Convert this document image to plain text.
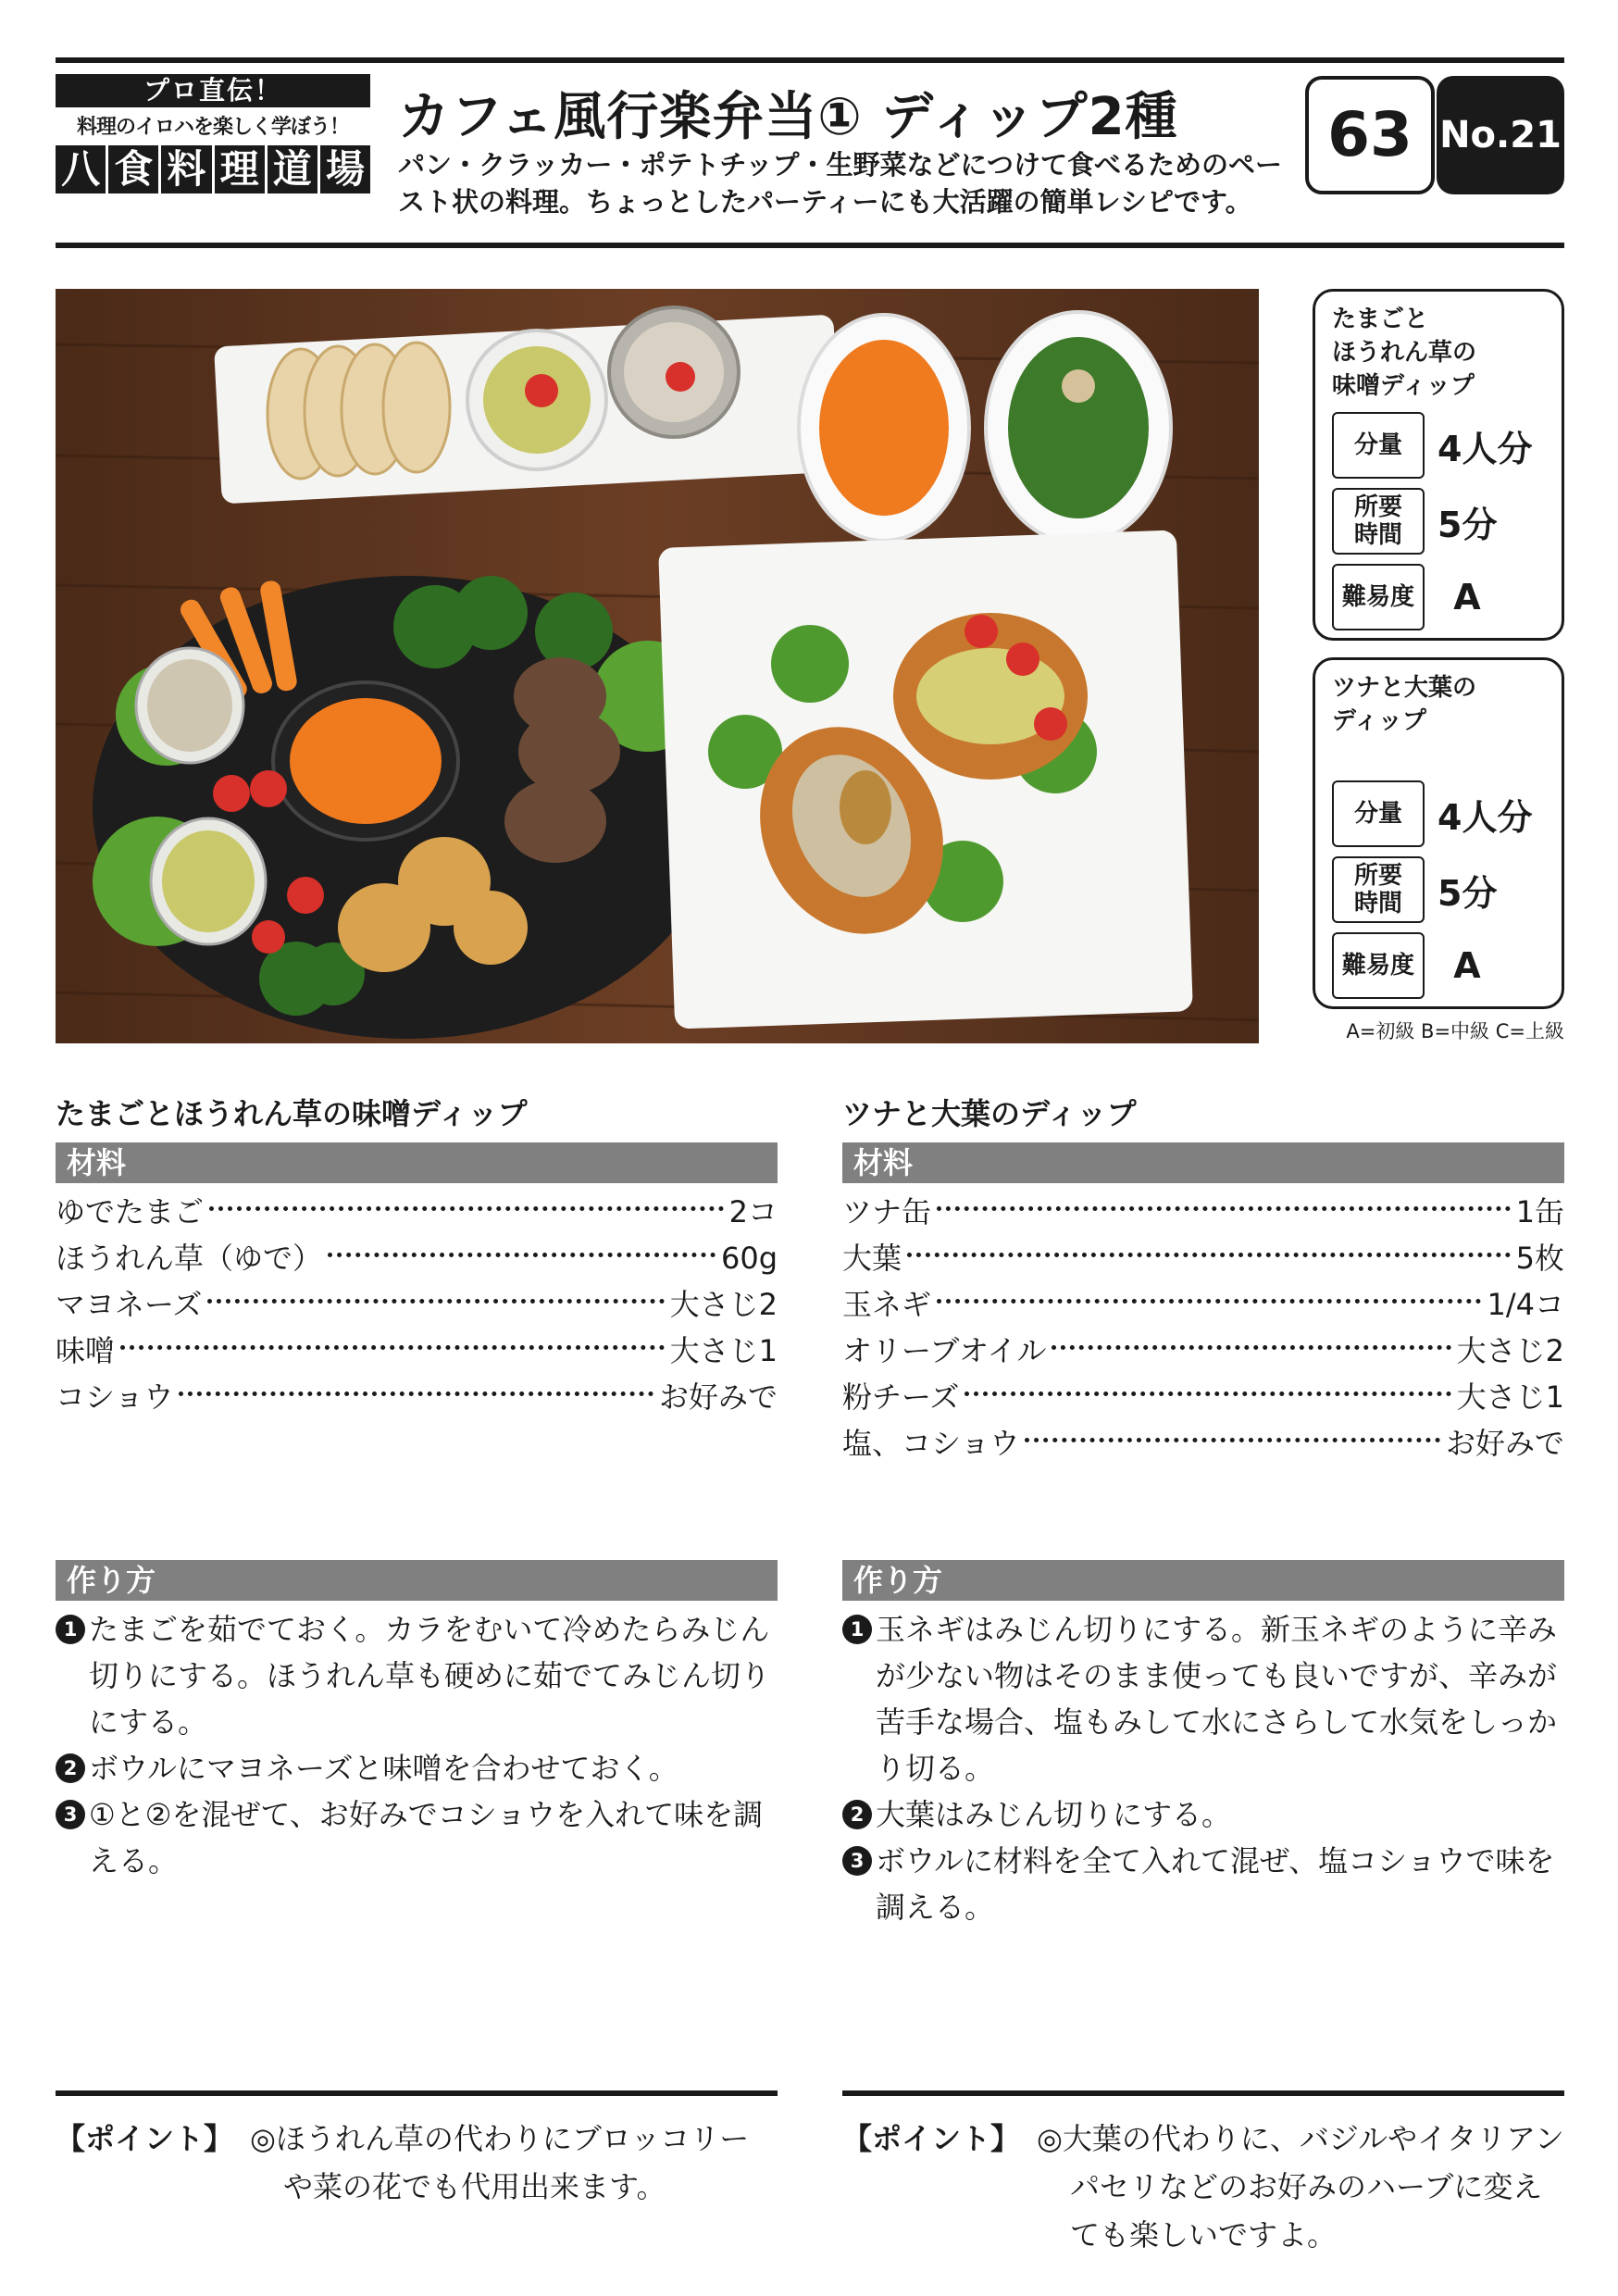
プロ直伝！
料理のイロハを楽しく学ぼう！
八 食 料 理 道 場
カフェ風行楽弁当① ディップ2種
パン・クラッカー・ポテトチップ・生野菜などにつけて食べるためのペースト状の料理。ちょっとしたパーティーにも大活躍の簡単レシピです。
63 No.21
たまごと
ほうれん草の
味噌ディップ
分量	4人分
所要
時間	5分
難易度	A
ツナと大葉の
ディップ
分量	4人分
所要
時間	5分
難易度	A
A=初級 B=中級 C=上級
たまごとほうれん草の味噌ディップ
材料
ゆでたまご	2コ
ほうれん草（ゆで）	60g
マヨネーズ	大さじ2
味噌	大さじ1
コショウ	お好みで
ツナと大葉のディップ
材料
ツナ缶	1缶
大葉	5枚
玉ネギ	1/4コ
オリーブオイル	大さじ2
粉チーズ	大さじ1
塩、コショウ	お好みで
作り方
1 たまごを茹でておく。カラをむいて冷めたらみじん切りにする。ほうれん草も硬めに茹でてみじん切りにする。
2 ボウルにマヨネーズと味噌を合わせておく。
3 ①と②を混ぜて、お好みでコショウを入れて味を調える。
作り方
1 玉ネギはみじん切りにする。新玉ネギのように辛みが少ない物はそのまま使っても良いですが、辛みが苦手な場合、塩もみして水にさらして水気をしっかり切る。
2 大葉はみじん切りにする。
3 ボウルに材料を全て入れて混ぜ、塩コショウで味を調える。
【ポイント】 ◎ほうれん草の代わりにブロッコリーや菜の花でも代用出来ます。
【ポイント】 ◎大葉の代わりに、バジルやイタリアンパセリなどのお好みのハーブに変えても楽しいですよ。
